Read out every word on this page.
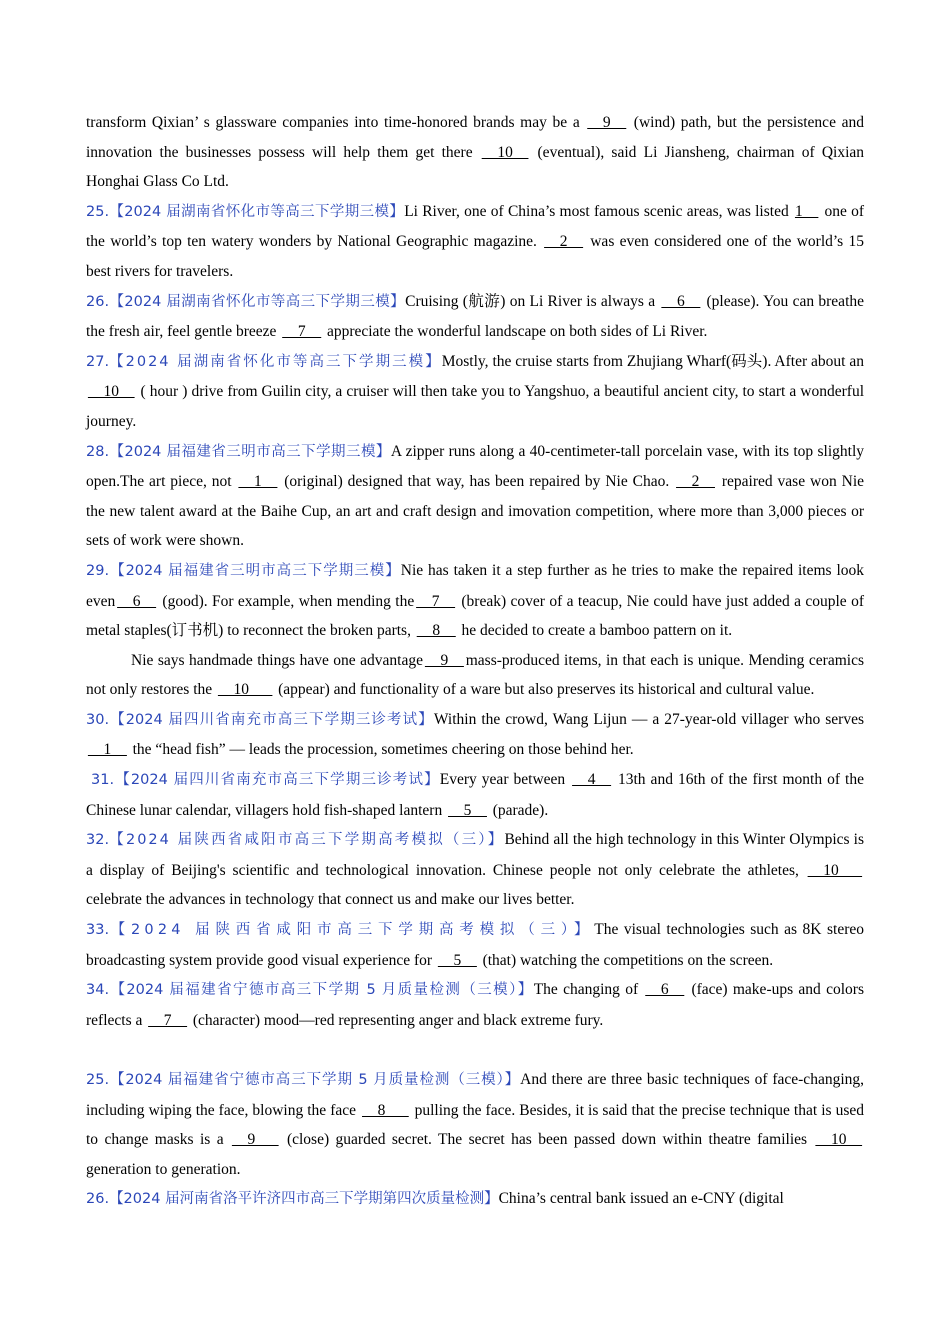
transform Qixian’ s glassware companies into time-honored brands may be a __9__ (wind) path, but the persistence and innovation the businesses possess will help them get there __10__ (eventual), said Li Jiansheng, chairman of Qixian Honghai Glass Co Ltd.

25.【2024 届湖南省怀化市等高三下学期三模】Li River, one of China’s most famous scenic areas, was listed 1__ one of the world’s top ten watery wonders by National Geographic magazine. __2__ was even considered one of the world’s 15 best rivers for travelers.

26.【2024 届湖南省怀化市等高三下学期三模】Cruising (航游) on Li River is always a __6__ (please). You can breathe the fresh air, feel gentle breeze __7__ appreciate the wonderful landscape on both sides of Li River.

27.【2024 届湖南省怀化市等高三下学期三模】Mostly, the cruise starts from Zhujiang Wharf(码头). After about an __10__ ( hour ) drive from Guilin city, a cruiser will then take you to Yangshuo, a beautiful ancient city, to start a wonderful journey.

28.【2024 届福建省三明市高三下学期三模】A zipper runs along a 40-centimeter-tall porcelain vase, with its top slightly open.The art piece, not __1__ (original) designed that way, has been repaired by Nie Chao. __2__ repaired vase won Nie the new talent award at the Baihe Cup, an art and craft design and imovation competition, where more than 3,000 pieces or sets of work were shown.

29.【2024 届福建省三明市高三下学期三模】Nie has taken it a step further as he tries to make the repaired items look even __6__ (good). For example, when mending the __7__ (break) cover of a teacup, Nie could have just added a couple of metal staples(订书机) to reconnect the broken parts, __8__ he decided to create a bamboo pattern on it.

Nie says handmade things have one advantage __9__ mass-produced items, in that each is unique. Mending ceramics not only restores the __10___ (appear) and functionality of a ware but also preserves its historical and cultural value.

30.【2024 届四川省南充市高三下学期三诊考试】Within the crowd, Wang Lijun — a 27-year-old villager who serves __1__ the “head fish” — leads the procession, sometimes cheering on those behind her.

31.【2024 届四川省南充市高三下学期三诊考试】Every year between __4__ 13th and 16th of the first month of the Chinese lunar calendar, villagers hold fish-shaped lantern __5__ (parade).

32.【2024 届陕西省咸阳市高三下学期高考模拟（三）】Behind all the high technology in this Winter Olympics is a display of Beijing's scientific and technological innovation. Chinese people not only celebrate the athletes, __10___ celebrate the advances in technology that connect us and make our lives better.

33.【2024 届陕西省咸阳市高三下学期高考模拟（三）】The visual technologies such as 8K stereo broadcasting system provide good visual experience for __5__ (that) watching the competitions on the screen.

34.【2024 届福建省宁德市高三下学期 5 月质量检测（三模）】The changing of __6__ (face) make-ups and colors reflects a __7__ (character) mood—red representing anger and black extreme fury.

25.【2024 届福建省宁德市高三下学期 5 月质量检测（三模）】And there are three basic techniques of face-changing, including wiping the face, blowing the face __8___ pulling the face. Besides, it is said that the precise technique that is used to change masks is a __9___ (close) guarded secret. The secret has been passed down within theatre families __10__ generation to generation.

26.【2024 届河南省洛平许济四市高三下学期第四次质量检测】China’s central bank issued an e-CNY (digital
